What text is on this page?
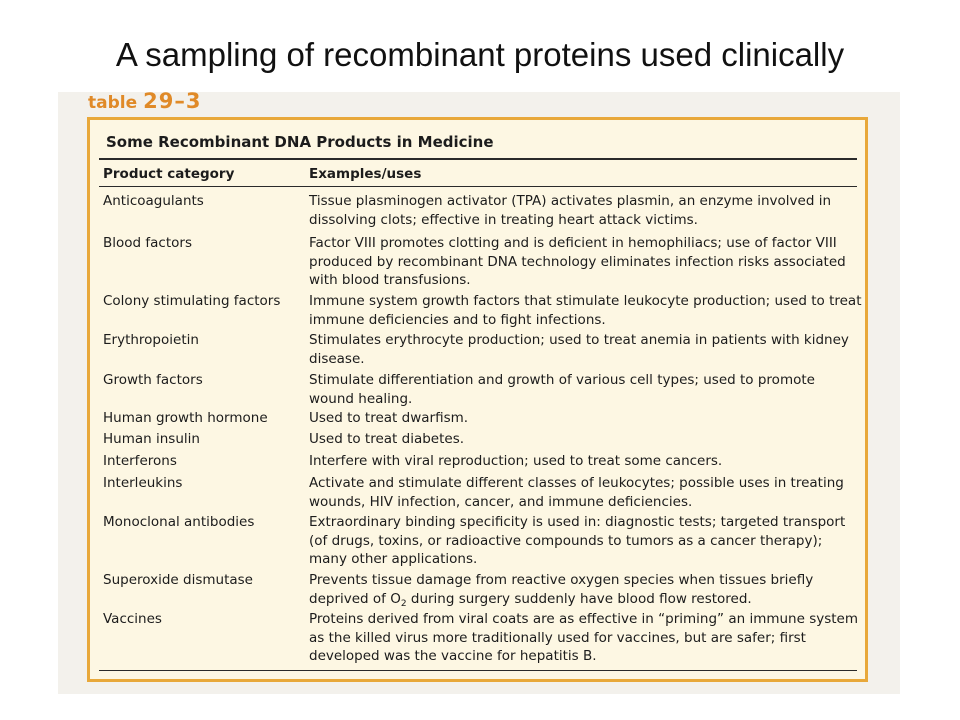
A sampling of recombinant proteins used clinically
table 29–3
Some Recombinant DNA Products in Medicine
Product category	Examples/uses
Anticoagulants	Tissue plasminogen activator (TPA) activates plasmin, an enzyme involved in
dissolving clots; effective in treating heart attack victims.
Blood factors	Factor VIII promotes clotting and is deficient in hemophiliacs; use of factor VIII
produced by recombinant DNA technology eliminates infection risks associated
with blood transfusions.
Colony stimulating factors	Immune system growth factors that stimulate leukocyte production; used to treat
immune deficiencies and to fight infections.
Erythropoietin	Stimulates erythrocyte production; used to treat anemia in patients with kidney
disease.
Growth factors	Stimulate differentiation and growth of various cell types; used to promote
wound healing.
Human growth hormone	Used to treat dwarfism.
Human insulin	Used to treat diabetes.
Interferons	Interfere with viral reproduction; used to treat some cancers.
Interleukins	Activate and stimulate different classes of leukocytes; possible uses in treating
wounds, HIV infection, cancer, and immune deficiencies.
Monoclonal antibodies	Extraordinary binding specificity is used in: diagnostic tests; targeted transport
(of drugs, toxins, or radioactive compounds to tumors as a cancer therapy);
many other applications.
Superoxide dismutase	Prevents tissue damage from reactive oxygen species when tissues briefly
deprived of $O_2$ during surgery suddenly have blood flow restored.
Vaccines	Proteins derived from viral coats are as effective in “priming” an immune system
as the killed virus more traditionally used for vaccines, but are safer; first
developed was the vaccine for hepatitis B.
